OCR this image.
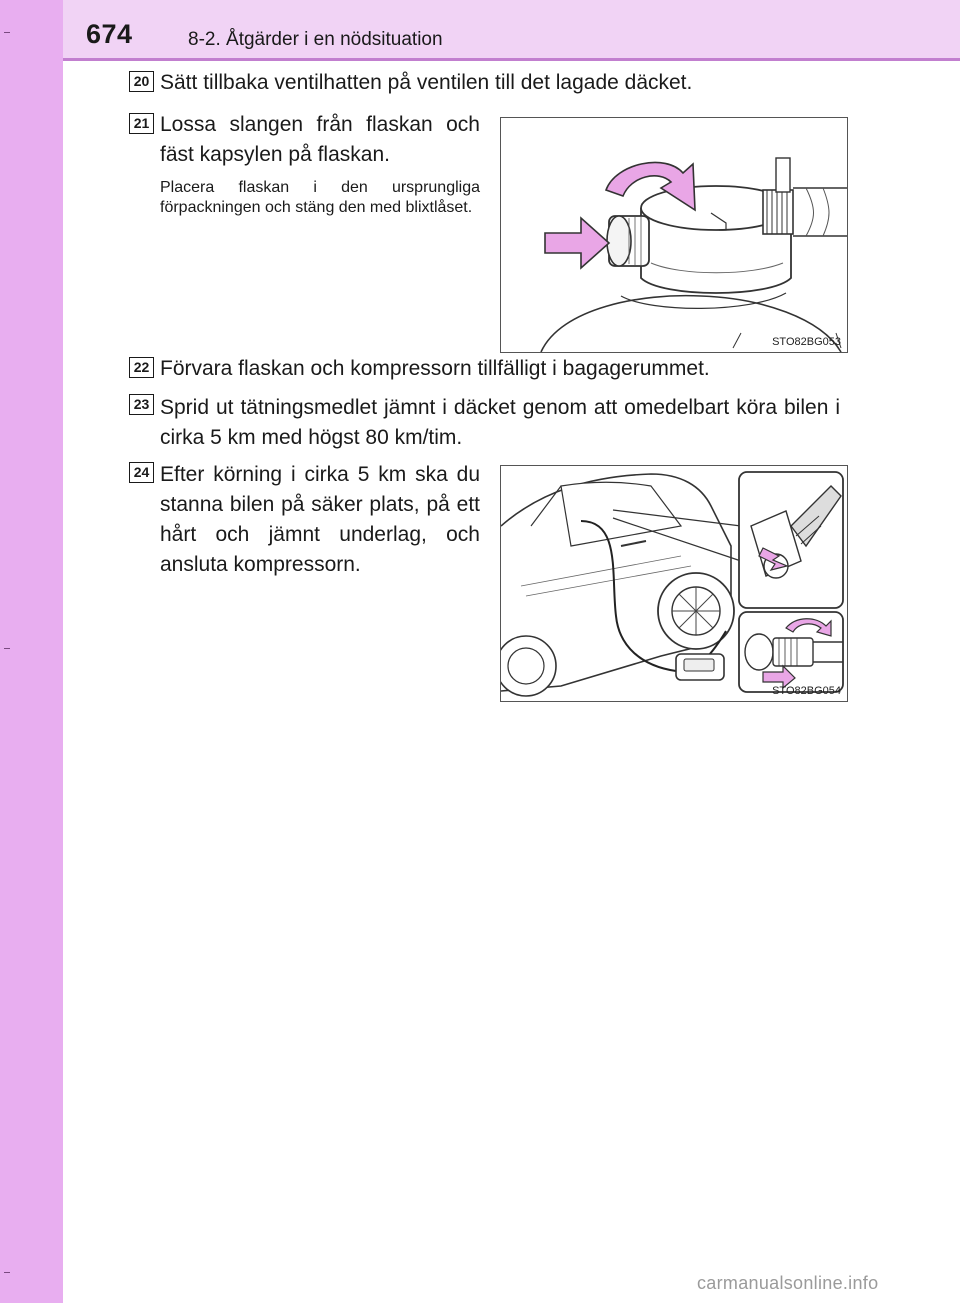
674	8-2. Åtgärder i en nödsituation
20 Sätt tillbaka ventilhatten på ventilen till det lagade däcket.
21 Lossa slangen från flaskan och fäst kapsylen på flaskan.
Placera flaskan i den ursprungliga förpackningen och stäng den med blixtlåset.
STO82BG053
22 Förvara flaskan och kompressorn tillfälligt i bagagerummet.
23 Sprid ut tätningsmedlet jämnt i däcket genom att omedelbart köra bilen i cirka 5 km med högst 80 km/tim.
24 Efter körning i cirka 5 km ska du stanna bilen på säker plats, på ett hårt och jämnt underlag, och ansluta kompressorn.
STO82BG054
carmanualsonline.info
